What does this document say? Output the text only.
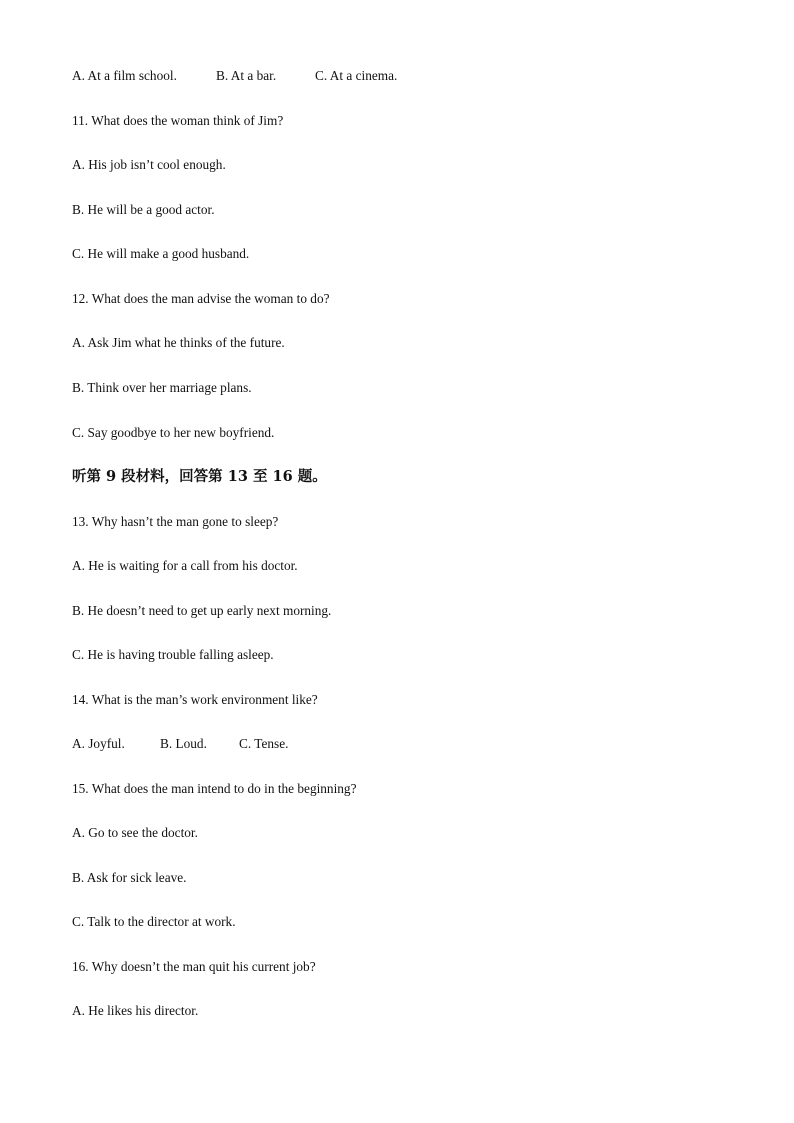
A. At a film school.	B. At a bar.	C. At a cinema.
11. What does the woman think of Jim?
A. His job isn’t cool enough.
B. He will be a good actor.
C. He will make a good husband.
12. What does the man advise the woman to do?
A. Ask Jim what he thinks of the future.
B. Think over her marriage plans.
C. Say goodbye to her new boyfriend.
听第 9 段材料，回答第 13 至 16 题。
13. Why hasn’t the man gone to sleep?
A. He is waiting for a call from his doctor.
B. He doesn’t need to get up early next morning.
C. He is having trouble falling asleep.
14. What is the man’s work environment like?
A. Joyful.	B. Loud. C. Tense.
15. What does the man intend to do in the beginning?
A. Go to see the doctor.
B. Ask for sick leave.
C. Talk to the director at work.
16. Why doesn’t the man quit his current job?
A. He likes his director.
